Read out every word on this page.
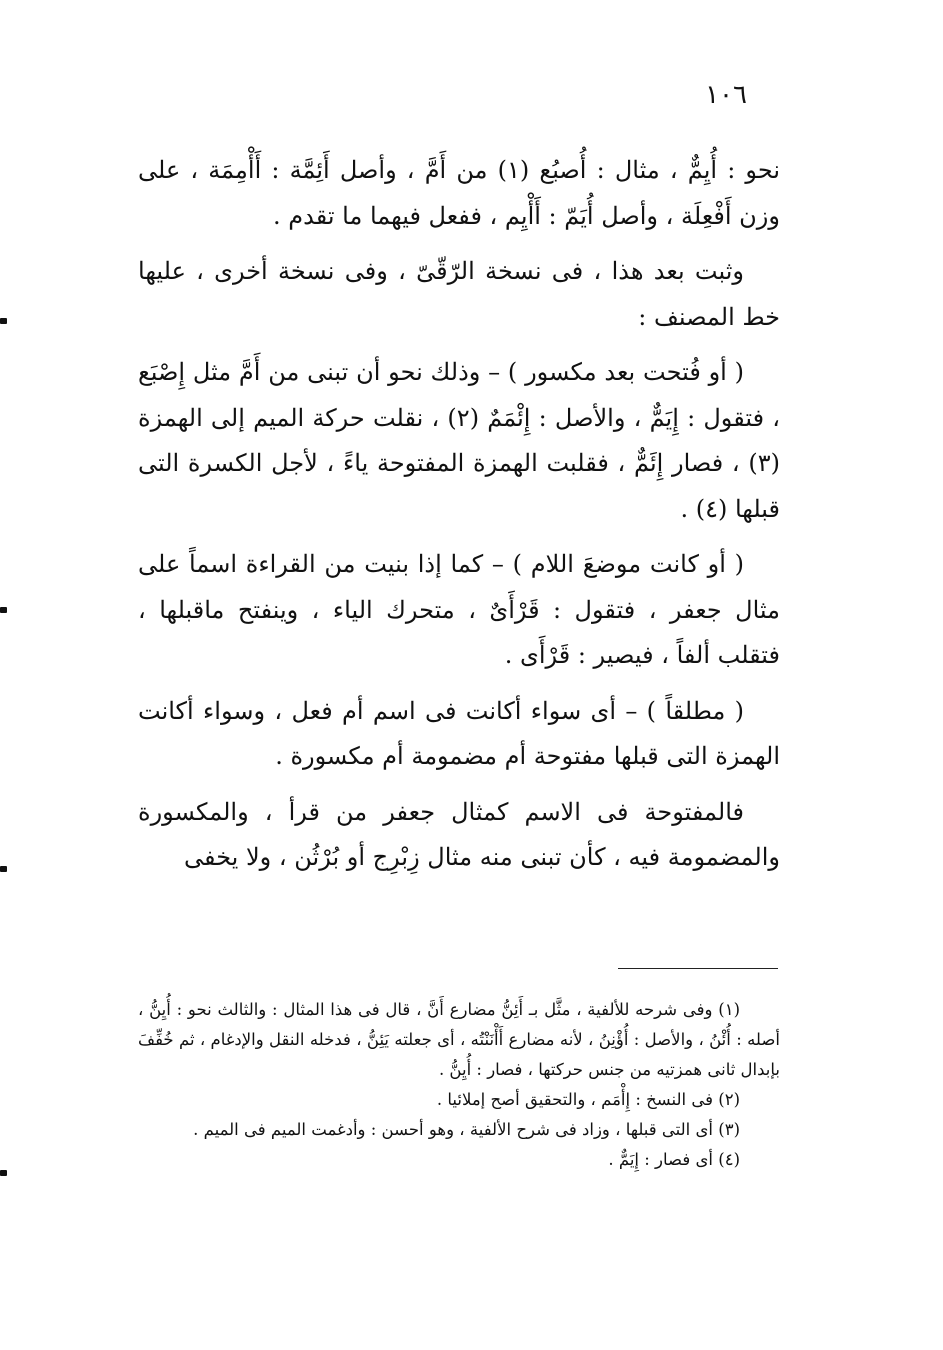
١٠٦

نحو : أُيِمٌّ ، مثال : أُصبُع (١) من أَمَّ ، وأصل أَئِمَّة : أَأْمِمَة ، على وزن أَفْعِلَة ، وأصل أُيَمّ : أَأْيِم ، ففعل فيهما ما تقدم .

وثبت بعد هذا ، فى نسخة الرّقّىّ ، وفى نسخة أخرى ، عليها خط المصنف :

( أو فُتحت بعد مكسور ) – وذلك نحو أن تبنى من أَمَّ مثل إِصْبَع ، فتقول : إِيَمٌّ ، والأصل : إِئْمَمٌ (٢) ، نقلت حركة الميم إلى الهمزة (٣) ، فصار إِئَمٌّ ، فقلبت الهمزة المفتوحة ياءً ، لأجل الكسرة التى قبلها (٤) .

( أو كانت موضعَ اللام ) – كما إذا بنيت من القراءة اسماً على مثال جعفر ، فتقول : قَرْأَىٌ ، متحرك الياء ، وينفتح ماقبلها ، فتقلب ألفاً ، فيصير : قَرْأَى .

( مطلقاً ) – أى سواء أكانت فى اسم أم فعل ، وسواء أكانت الهمزة التى قبلها مفتوحة أم مضمومة أم مكسورة .

فالمفتوحة فى الاسم كمثال جعفر من قرأ ، والمكسورة والمضمومة فيه ، كأن تبنى منه مثال زِبْرِج أو بُرْثُن ، ولا يخفى

(١) وفى شرحه للألفية ، مثَّل بـ أَئِنُّ مضارع أَنَّ ، قال فى هذا المثال : والثالث نحو : أُيِنُّ ، أصله : أُئْنُ ، والأصل : أُؤْنِنُ ، لأنه مضارع أَأْنَنْتُه ، أى جعلته يَئِنُّ ، فدخله النقل والإدغام ، ثم خُفِّفَ بإبدال ثانى همزتيه من جنس حركتها ، فصار : أُيِنُّ .

(٢) فى النسخ : إِأْمَم ، والتحقيق أصح إملائيا .

(٣) أى التى قبلها ، وزاد فى شرح الألفية ، وهو أحسن : وأدغمت الميم فى الميم .

(٤) أى فصار : إِيَمٌّ .
